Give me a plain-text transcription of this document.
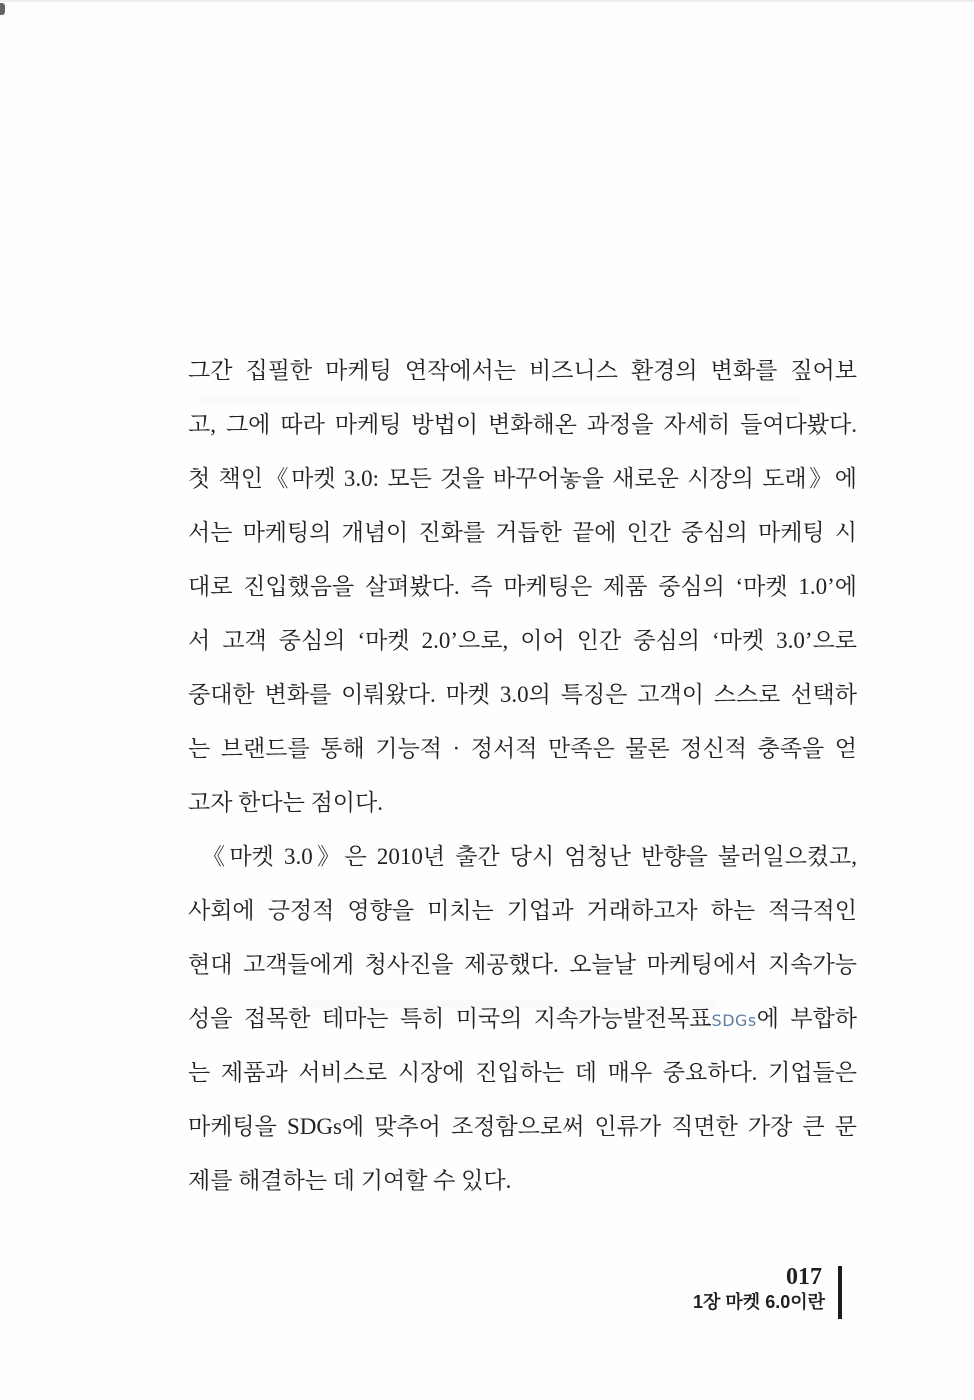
그간 집필한 마케팅 연작에서는 비즈니스 환경의 변화를 짚어보
고, 그에 따라 마케팅 방법이 변화해온 과정을 자세히 들여다봤다.
첫 책인《마켓 3.0: 모든 것을 바꾸어놓을 새로운 시장의 도래》에
서는 마케팅의 개념이 진화를 거듭한 끝에 인간 중심의 마케팅 시
대로 진입했음을 살펴봤다. 즉 마케팅은 제품 중심의 ‘마켓 1.0’에
서 고객 중심의 ‘마켓 2.0’으로, 이어 인간 중심의 ‘마켓 3.0’으로
중대한 변화를 이뤄왔다. 마켓 3.0의 특징은 고객이 스스로 선택하
는 브랜드를 통해 기능적 · 정서적 만족은 물론 정신적 충족을 얻
고자 한다는 점이다.
《마켓 3.0》은 2010년 출간 당시 엄청난 반향을 불러일으켰고,
사회에 긍정적 영향을 미치는 기업과 거래하고자 하는 적극적인
현대 고객들에게 청사진을 제공했다. 오늘날 마케팅에서 지속가능
성을 접목한 테마는 특히 미국의 지속가능발전목표SDGs에 부합하
는 제품과 서비스로 시장에 진입하는 데 매우 중요하다. 기업들은
마케팅을 SDGs에 맞추어 조정함으로써 인류가 직면한 가장 큰 문
제를 해결하는 데 기여할 수 있다.
017
1장 마켓 6.0이란
